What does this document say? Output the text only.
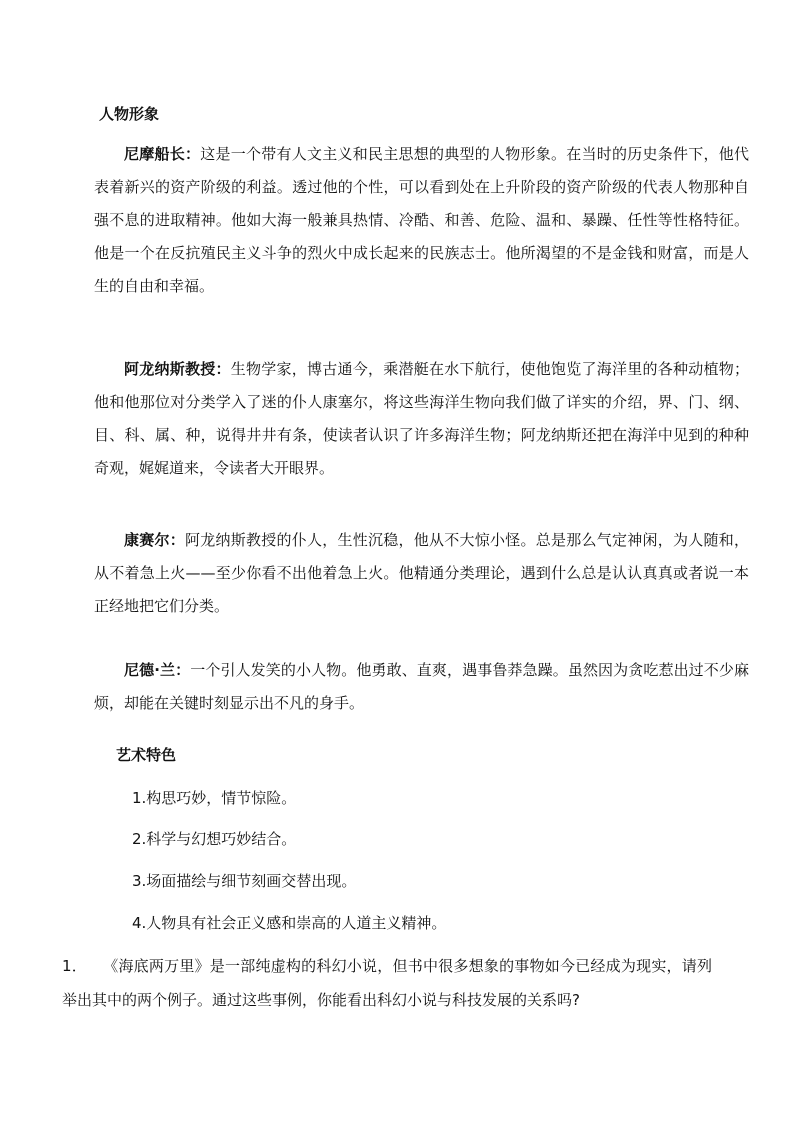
人物形象

尼摩船长：这是一个带有人文主义和民主思想的典型的人物形象。在当时的历史条件下，他代表着新兴的资产阶级的利益。透过他的个性，可以看到处在上升阶段的资产阶级的代表人物那种自强不息的进取精神。他如大海一般兼具热情、冷酷、和善、危险、温和、暴躁、任性等性格特征。他是一个在反抗殖民主义斗争的烈火中成长起来的民族志士。他所渴望的不是金钱和财富，而是人生的自由和幸福。

阿龙纳斯教授：生物学家，博古通今，乘潜艇在水下航行，使他饱览了海洋里的各种动植物；他和他那位对分类学入了迷的仆人康塞尔，将这些海洋生物向我们做了详实的介绍，界、门、纲、目、科、属、种，说得井井有条，使读者认识了许多海洋生物；阿龙纳斯还把在海洋中见到的种种奇观，娓娓道来，令读者大开眼界。

康赛尔：阿龙纳斯教授的仆人，生性沉稳，他从不大惊小怪。总是那么气定神闲，为人随和，从不着急上火——至少你看不出他着急上火。他精通分类理论，遇到什么总是认认真真或者说一本正经地把它们分类。

尼德·兰：一个引人发笑的小人物。他勇敢、直爽，遇事鲁莽急躁。虽然因为贪吃惹出过不少麻烦，却能在关键时刻显示出不凡的身手。

艺术特色
1.构思巧妙，情节惊险。
2.科学与幻想巧妙结合。
3.场面描绘与细节刻画交替出现。
4.人物具有社会正义感和崇高的人道主义精神。

1． 《海底两万里》是一部纯虚构的科幻小说，但书中很多想象的事物如今已经成为现实，请列举出其中的两个例子。通过这些事例，你能看出科幻小说与科技发展的关系吗?
